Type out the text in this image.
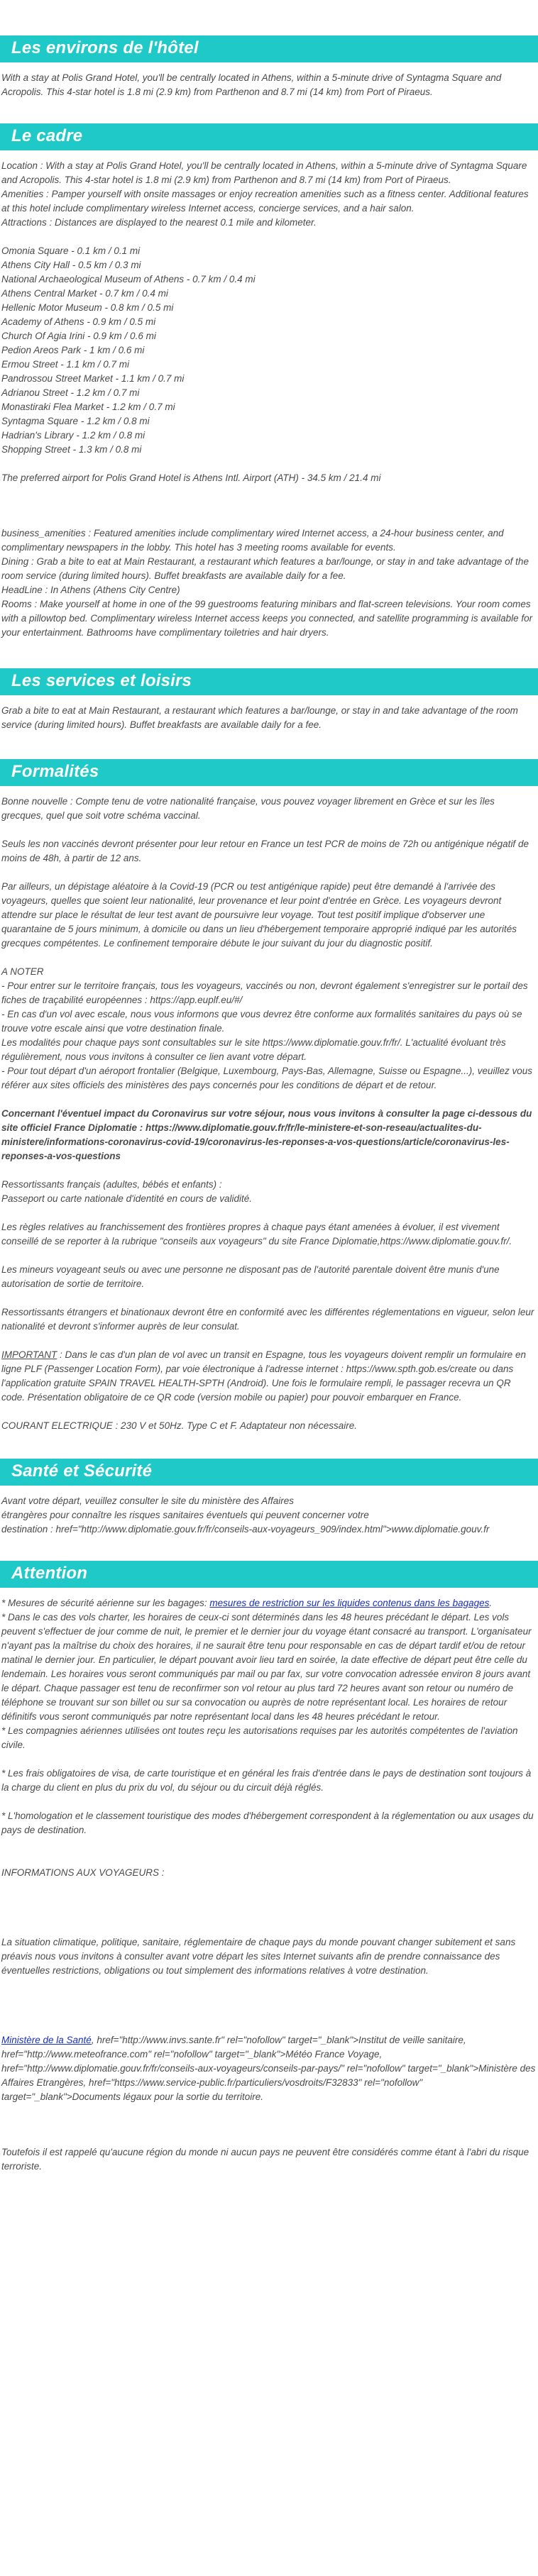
Les environs de l'hôtel

With a stay at Polis Grand Hotel, you'll be centrally located in Athens, within a 5-minute drive of Syntagma Square and Acropolis. This 4-star hotel is 1.8 mi (2.9 km) from Parthenon and 8.7 mi (14 km) from Port of Piraeus.

Le cadre

Location : With a stay at Polis Grand Hotel, you'll be centrally located in Athens, within a 5-minute drive of Syntagma Square and Acropolis. This 4-star hotel is 1.8 mi (2.9 km) from Parthenon and 8.7 mi (14 km) from Port of Piraeus.

Amenities : Pamper yourself with onsite massages or enjoy recreation amenities such as a fitness center. Additional features at this hotel include complimentary wireless Internet access, concierge services, and a hair salon.

Attractions : Distances are displayed to the nearest 0.1 mile and kilometer.

Omonia Square - 0.1 km / 0.1 mi
Athens City Hall - 0.5 km / 0.3 mi
National Archaeological Museum of Athens - 0.7 km / 0.4 mi
Athens Central Market - 0.7 km / 0.4 mi
Hellenic Motor Museum - 0.8 km / 0.5 mi
Academy of Athens - 0.9 km / 0.5 mi
Church Of Agia Irini - 0.9 km / 0.6 mi
Pedion Areos Park - 1 km / 0.6 mi
Ermou Street - 1.1 km / 0.7 mi
Pandrossou Street Market - 1.1 km / 0.7 mi
Adrianou Street - 1.2 km / 0.7 mi
Monastiraki Flea Market - 1.2 km / 0.7 mi
Syntagma Square - 1.2 km / 0.8 mi
Hadrian's Library - 1.2 km / 0.8 mi
Shopping Street - 1.3 km / 0.8 mi

The preferred airport for Polis Grand Hotel is Athens Intl. Airport (ATH) - 34.5 km / 21.4 mi

business_amenities : Featured amenities include complimentary wired Internet access, a 24-hour business center, and complimentary newspapers in the lobby. This hotel has 3 meeting rooms available for events.

Dining : Grab a bite to eat at Main Restaurant, a restaurant which features a bar/lounge, or stay in and take advantage of the room service (during limited hours). Buffet breakfasts are available daily for a fee.

HeadLine : In Athens (Athens City Centre)

Rooms : Make yourself at home in one of the 99 guestrooms featuring minibars and flat-screen televisions. Your room comes with a pillowtop bed. Complimentary wireless Internet access keeps you connected, and satellite programming is available for your entertainment. Bathrooms have complimentary toiletries and hair dryers.

Les services et loisirs

Grab a bite to eat at Main Restaurant, a restaurant which features a bar/lounge, or stay in and take advantage of the room service (during limited hours). Buffet breakfasts are available daily for a fee.

Formalités

Bonne nouvelle : Compte tenu de votre nationalité française, vous pouvez voyager librement en Grèce et sur les îles grecques, quel que soit votre schéma vaccinal.

Seuls les non vaccinés devront présenter pour leur retour en France un test PCR de moins de 72h ou antigénique négatif de moins de 48h, à partir de 12 ans.

Par ailleurs, un dépistage aléatoire à la Covid-19 (PCR ou test antigénique rapide) peut être demandé à l'arrivée des voyageurs, quelles que soient leur nationalité, leur provenance et leur point d'entrée en Grèce. Les voyageurs devront attendre sur place le résultat de leur test avant de poursuivre leur voyage. Tout test positif implique d'observer une quarantaine de 5 jours minimum, à domicile ou dans un lieu d'hébergement temporaire approprié indiqué par les autorités grecques compétentes. Le confinement temporaire débute le jour suivant du jour du diagnostic positif.

A NOTER
- Pour entrer sur le territoire français, tous les voyageurs, vaccinés ou non, devront également s'enregistrer sur le portail des fiches de traçabilité européennes : https://app.euplf.eu/#/
- En cas d'un vol avec escale, nous vous informons que vous devrez être conforme aux formalités sanitaires du pays où se trouve votre escale ainsi que votre destination finale.
Les modalités pour chaque pays sont consultables sur le site https://www.diplomatie.gouv.fr/fr/. L'actualité évoluant très régulièrement, nous vous invitons à consulter ce lien avant votre départ.
- Pour tout départ d'un aéroport frontalier (Belgique, Luxembourg, Pays-Bas, Allemagne, Suisse ou Espagne...), veuillez vous référer aux sites officiels des ministères des pays concernés pour les conditions de départ et de retour.

Concernant l'éventuel impact du Coronavirus sur votre séjour, nous vous invitons à consulter la page ci-dessous du site officiel France Diplomatie : https://www.diplomatie.gouv.fr/fr/le-ministere-et-son-reseau/actualites-du-ministere/informations-coronavirus-covid-19/coronavirus-les-reponses-a-vos-questions/article/coronavirus-les-reponses-a-vos-questions

Ressortissants français (adultes, bébés et enfants) :
Passeport ou carte nationale d'identité en cours de validité.

Les règles relatives au franchissement des frontières propres à chaque pays étant amenées à évoluer, il est vivement conseillé de se reporter à la rubrique "conseils aux voyageurs" du site France Diplomatie,https://www.diplomatie.gouv.fr/.

Les mineurs voyageant seuls ou avec une personne ne disposant pas de l'autorité parentale doivent être munis d'une autorisation de sortie de territoire.

Ressortissants étrangers et binationaux devront être en conformité avec les différentes réglementations en vigueur, selon leur nationalité et devront s'informer auprès de leur consulat.

IMPORTANT : Dans le cas d'un plan de vol avec un transit en Espagne, tous les voyageurs doivent remplir un formulaire en ligne PLF (Passenger Location Form), par voie électronique à l'adresse internet : https://www.spth.gob.es/create ou dans l'application gratuite SPAIN TRAVEL HEALTH-SPTH (Android). Une fois le formulaire rempli, le passager recevra un QR code. Présentation obligatoire de ce QR code (version mobile ou papier) pour pouvoir embarquer en France.

COURANT ELECTRIQUE : 230 V et 50Hz. Type C et F. Adaptateur non nécessaire.

Santé et Sécurité
Avant votre départ, veuillez consulter le site du ministère des Affaires
étrangères pour connaître les risques sanitaires éventuels qui peuvent concerner votre
destination : href="http://www.diplomatie.gouv.fr/fr/conseils-aux-voyageurs_909/index.html">www.diplomatie.gouv.fr
Attention
* Mesures de sécurité aérienne sur les bagages: mesures de restriction sur les liquides contenus dans les bagages.

* Dans le cas des vols charter, les horaires de ceux-ci sont déterminés dans les 48 heures précédant le départ. Les vols peuvent s'effectuer de jour comme de nuit, le premier et le dernier jour du voyage étant consacré au transport. L'organisateur n'ayant pas la maîtrise du choix des horaires, il ne saurait être tenu pour responsable en cas de départ tardif et/ou de retour matinal le dernier jour. En particulier, le départ pouvant avoir lieu tard en soirée, la date effective de départ peut être celle du lendemain. Les horaires vous seront communiqués par mail ou par fax, sur votre convocation adressée environ 8 jours avant le départ. Chaque passager est tenu de reconfirmer son vol retour au plus tard 72 heures avant son retour ou numéro de téléphone se trouvant sur son billet ou sur sa convocation ou auprès de notre représentant local. Les horaires de retour définitifs vous seront communiqués par notre représentant local dans les 48 heures précédant le retour.

* Les compagnies aériennes utilisées ont toutes reçu les autorisations requises par les autorités compétentes de l'aviation civile.

* Les frais obligatoires de visa, de carte touristique et en général les frais d'entrée dans le pays de destination sont toujours à la charge du client en plus du prix du vol, du séjour ou du circuit déjà réglés.

* L'homologation et le classement touristique des modes d'hébergement correspondent à la réglementation ou aux usages du pays de destination.

INFORMATIONS AUX VOYAGEURS :

La situation climatique, politique, sanitaire, réglementaire de chaque pays du monde pouvant changer subitement et sans préavis nous vous invitons à consulter avant votre départ les sites Internet suivants afin de prendre connaissance des éventuelles restrictions, obligations ou tout simplement des informations relatives à votre destination.

Ministère de la Santé, href="http://www.invs.sante.fr" rel="nofollow" target="_blank">Institut de veille sanitaire, href="http://www.meteofrance.com" rel="nofollow" target="_blank">Météo France Voyage, href="http://www.diplomatie.gouv.fr/fr/conseils-aux-voyageurs/conseils-par-pays/" rel="nofollow" target="_blank">Ministère des Affaires Etrangères, href="https://www.service-public.fr/particuliers/vosdroits/F32833" rel="nofollow" target="_blank">Documents légaux pour la sortie du territoire.

Toutefois il est rappelé qu'aucune région du monde ni aucun pays ne peuvent être considérés comme étant à l'abri du risque terroriste.
